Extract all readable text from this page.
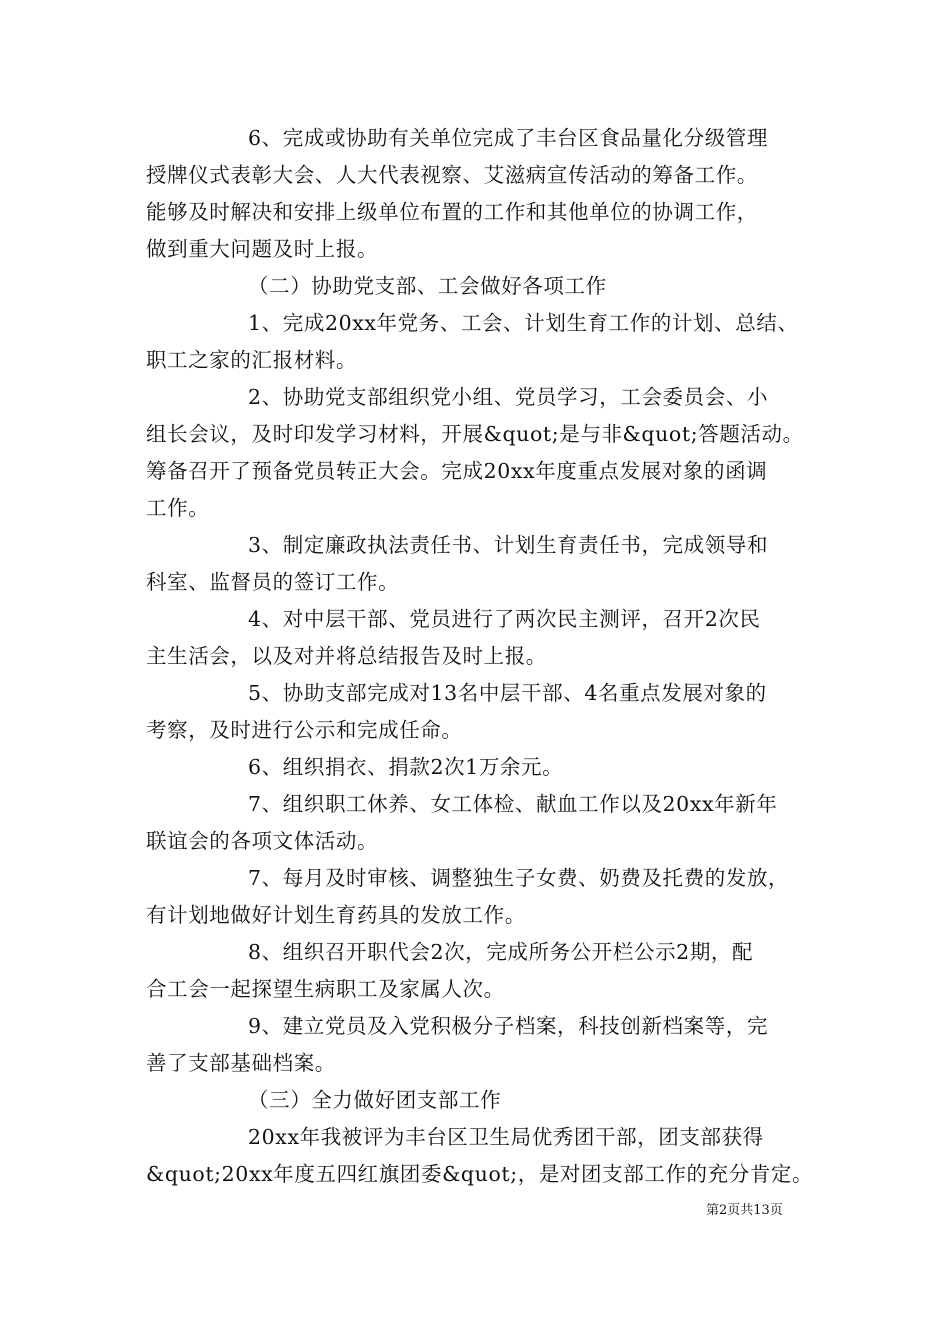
6、完成或协助有关单位完成了丰台区食品量化分级管理
授牌仪式表彰大会、人大代表视察、艾滋病宣传活动的筹备工作。
能够及时解决和安排上级单位布置的工作和其他单位的协调工作，
做到重大问题及时上报。
（二）协助党支部、工会做好各项工作
1、完成20xx年党务、工会、计划生育工作的计划、总结、
职工之家的汇报材料。
2、协助党支部组织党小组、党员学习，工会委员会、小
组长会议，及时印发学习材料，开展&quot;是与非&quot;答题活动。
筹备召开了预备党员转正大会。完成20xx年度重点发展对象的函调
工作。
3、制定廉政执法责任书、计划生育责任书，完成领导和
科室、监督员的签订工作。
4、对中层干部、党员进行了两次民主测评，召开2次民
主生活会，以及对并将总结报告及时上报。
5、协助支部完成对13名中层干部、4名重点发展对象的
考察，及时进行公示和完成任命。
6、组织捐衣、捐款2次1万余元。
7、组织职工休养、女工体检、献血工作以及20xx年新年
联谊会的各项文体活动。
7、每月及时审核、调整独生子女费、奶费及托费的发放，
有计划地做好计划生育药具的发放工作。
8、组织召开职代会2次，完成所务公开栏公示2期，配
合工会一起探望生病职工及家属人次。
9、建立党员及入党积极分子档案，科技创新档案等，完
善了支部基础档案。
（三）全力做好团支部工作
20xx年我被评为丰台区卫生局优秀团干部，团支部获得
&quot;20xx年度五四红旗团委&quot;，是对团支部工作的充分肯定。
第2页共13页
